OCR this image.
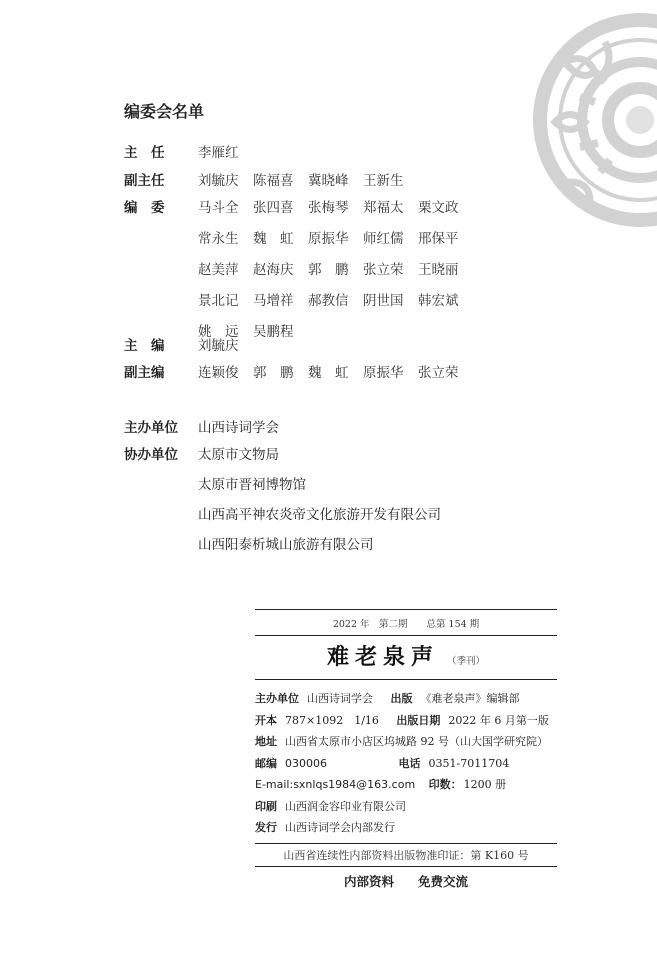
编委会名单
主　任	李雁红
副主任	刘毓庆	陈福喜	冀晓峰	王新生
编　委	马斗全	张四喜	张梅琴	郑福太	栗文政
常永生	魏　虹	原振华	师红儒	邢保平
赵美萍	赵海庆	郭　鹏	张立荣	王晓丽
景北记	马增祥	郝教信	阴世国	韩宏斌
姚　远	吴鹏程
主　编	刘毓庆
副主编	连颖俊	郭　鹏	魏　虹	原振华	张立荣
主办单位	山西诗词学会
协办单位	太原市文物局
太原市晋祠博物馆
山西高平神农炎帝文化旅游开发有限公司
山西阳泰析城山旅游有限公司
2022 年　第二期　　总第 154 期
难老泉声 （季刊）
主办单位 山西诗词学会 出版 《难老泉声》编辑部
开本 787×1092　1/16 出版日期 2022 年 6 月第一版
地址 山西省太原市小店区坞城路 92 号（山大国学研究院）
邮编 030006	电话 0351-7011704
E-mail:sxnlqs1984@163.com 印数： 1200 册
印刷 山西润金容印业有限公司
发行 山西诗词学会内部发行
山西省连续性内部资料出版物准印证：第 K160 号
内部资料 免费交流
